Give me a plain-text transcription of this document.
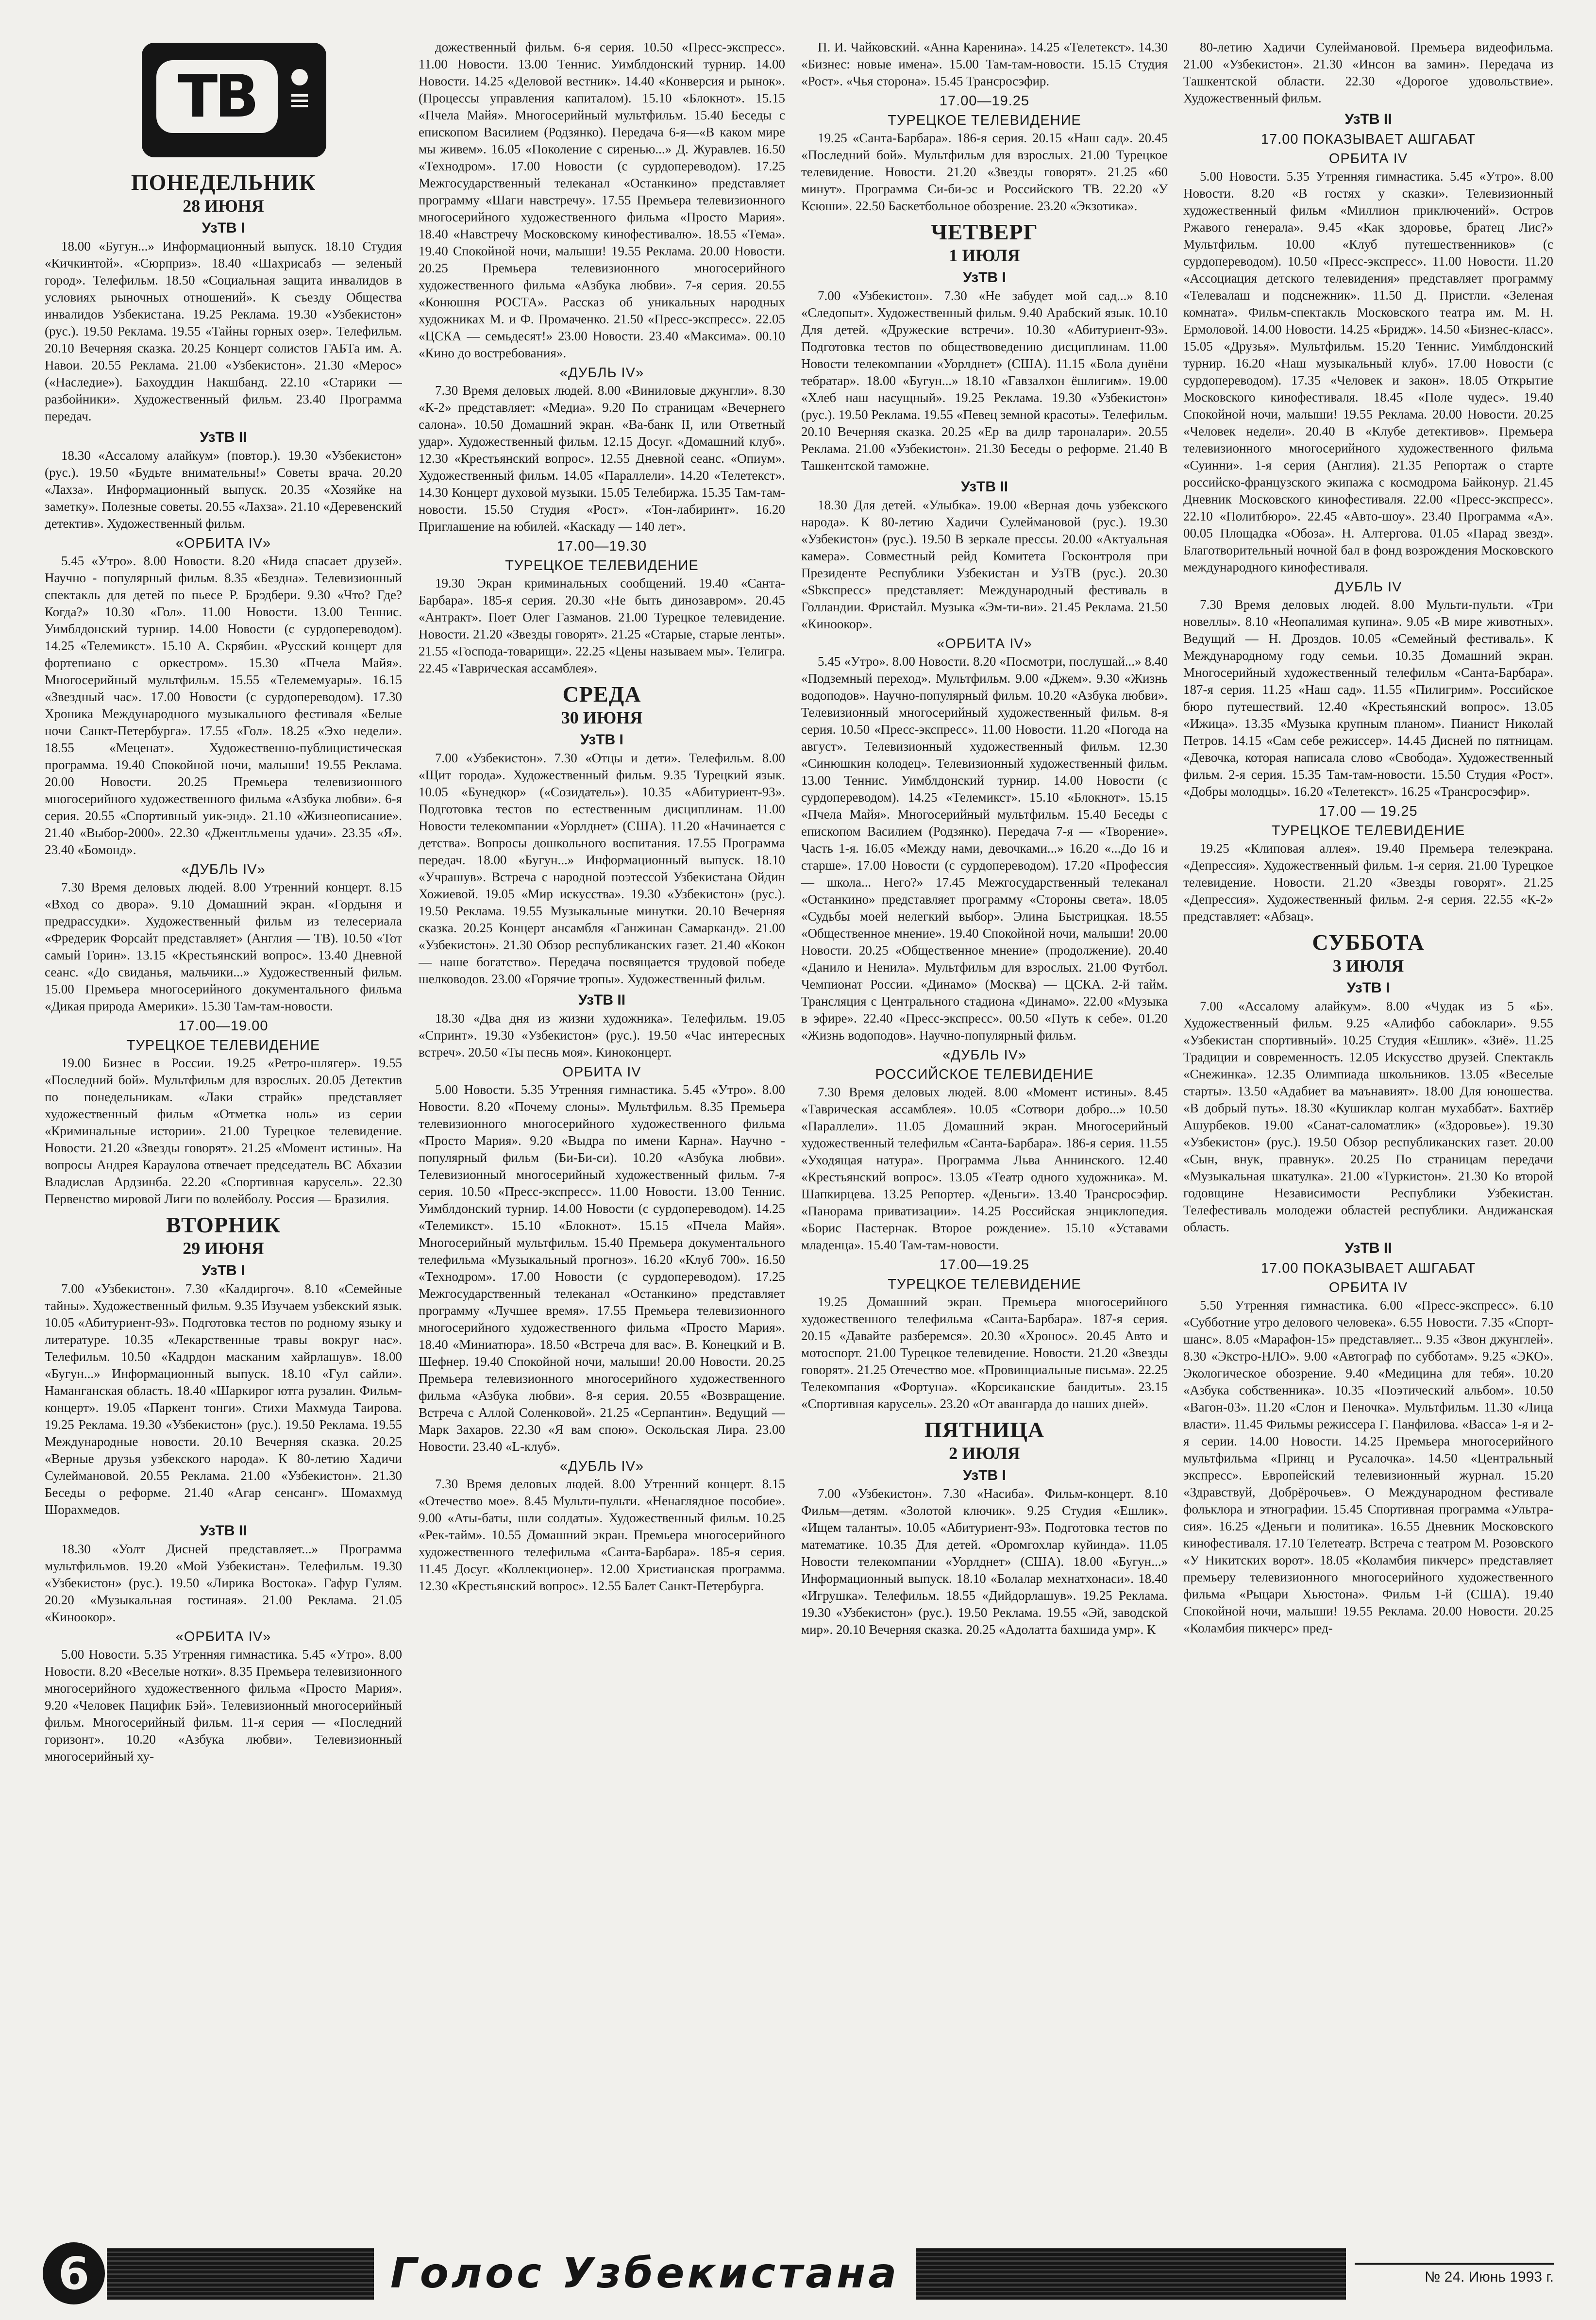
ТВ
ПОНЕДЕЛЬНИК
28 ИЮНЯ
УзТВ I
18.00 «Бугун...» Информационный выпуск. 18.10 Студия «Кичкинтой». «Сюрприз». 18.40 «Шахрисабз — зеленый город». Телефильм. 18.50 «Социальная защита инвалидов в условиях рыночных отношений». К съезду Общества инвалидов Узбекистана. 19.25 Реклама. 19.30 «Узбекистон» (рус.). 19.50 Реклама. 19.55 «Тайны горных озер». Телефильм. 20.10 Вечерняя сказка. 20.25 Концерт солистов ГАБТа им. А. Навои. 20.55 Реклама. 21.00 «Узбекистон». 21.30 «Мерос» («Наследие»). Бахоуддин Накшбанд. 22.10 «Старики — разбойники». Художественный фильм. 23.40 Программа передач.
УзТВ II
18.30 «Ассалому алайкум» (повтор.). 19.30 «Узбекистон» (рус.). 19.50 «Будьте внимательны!» Советы врача. 20.20 «Лахза». Информационный выпуск. 20.35 «Хозяйке на заметку». Полезные советы. 20.55 «Лахза». 21.10 «Деревенский детектив». Художественный фильм.
«ОРБИТА IV»
5.45 «Утро». 8.00 Новости. 8.20 «Нида спасает друзей». Научно - популярный фильм. 8.35 «Бездна». Телевизионный спектакль для детей по пьесе Р. Брэдбери. 9.30 «Что? Где? Когда?» 10.30 «Гол». 11.00 Новости. 13.00 Теннис. Уимблдонский турнир. 14.00 Новости (с сурдопереводом). 14.25 «Телемикст». 15.10 А. Скрябин. «Русский концерт для фортепиано с оркестром». 15.30 «Пчела Майя». Многосерийный мультфильм. 15.55 «Телемемуары». 16.15 «Звездный час». 17.00 Новости (с сурдопереводом). 17.30 Хроника Международного музыкального фестиваля «Белые ночи Санкт-Петербурга». 17.55 «Гол». 18.25 «Эхо недели». 18.55 «Меценат». Художественно-публицистическая программа. 19.40 Спокойной ночи, малыши! 19.55 Реклама. 20.00 Новости. 20.25 Премьера телевизионного многосерийного художественного фильма «Азбука любви». 6-я серия. 20.55 «Спортивный уик-энд». 21.10 «Жизнеописание». 21.40 «Выбор-2000». 22.30 «Джентльмены удачи». 23.35 «Я». 23.40 «Бомонд».
«ДУБЛЬ IV»
7.30 Время деловых людей. 8.00 Утренний концерт. 8.15 «Вход со двора». 9.10 Домашний экран. «Гордыня и предрассудки». Художественный фильм из телесериала «Фредерик Форсайт представляет» (Англия — ТВ). 10.50 «Тот самый Горин». 13.15 «Крестьянский вопрос». 13.40 Дневной сеанс. «До свиданья, мальчики...» Художественный фильм. 15.00 Премьера многосерийного документального фильма «Дикая природа Америки». 15.30 Там-там-новости.
17.00—19.00
ТУРЕЦКОЕ ТЕЛЕВИДЕНИЕ
19.00 Бизнес в России. 19.25 «Ретро-шлягер». 19.55 «Последний бой». Мультфильм для взрослых. 20.05 Детектив по понедельникам. «Лаки страйк» представляет художественный фильм «Отметка ноль» из серии «Криминальные истории». 21.00 Турецкое телевидение. Новости. 21.20 «Звезды говорят». 21.25 «Момент истины». На вопросы Андрея Караулова отвечает председатель ВС Абхазии Владислав Ардзинба. 22.20 «Спортивная карусель». 22.30 Первенство мировой Лиги по волейболу. Россия — Бразилия.
ВТОРНИК
29 ИЮНЯ
УзТВ I
7.00 «Узбекистон». 7.30 «Калдиргоч». 8.10 «Семейные тайны». Художественный фильм. 9.35 Изучаем узбекский язык. 10.05 «Абитуриент-93». Подготовка тестов по родному языку и литературе. 10.35 «Лекарственные травы вокруг нас». Телефильм. 10.50 «Кадрдон масканим хайрлашув». 18.00 «Бугун...» Информационный выпуск. 18.10 «Гул сайли». Наманганская область. 18.40 «Шаркирог ютга рузалин. Фильм-концерт». 19.05 «Паркент тонги». Стихи Махмуда Таирова. 19.25 Реклама. 19.30 «Узбекистон» (рус.). 19.50 Реклама. 19.55 Международные новости. 20.10 Вечерняя сказка. 20.25 «Верные друзья узбекского народа». К 80-летию Хадичи Сулеймановой. 20.55 Реклама. 21.00 «Узбекистон». 21.30 Беседы о реформе. 21.40 «Агар сенсанг». Шомахмуд Шорахмедов.
УзТВ II
18.30 «Уолт Дисней представляет...» Программа мультфильмов. 19.20 «Мой Узбекистан». Телефильм. 19.30 «Узбекистон» (рус.). 19.50 «Лирика Востока». Гафур Гулям. 20.20 «Музыкальная гостиная». 21.00 Реклама. 21.05 «Киноокор».
«ОРБИТА IV»
5.00 Новости. 5.35 Утренняя гимнастика. 5.45 «Утро». 8.00 Новости. 8.20 «Веселые нотки». 8.35 Премьера телевизионного многосерийного художественного фильма «Просто Мария». 9.20 «Человек Пацифик Бэй». Телевизионный многосерийный фильм. Многосерийный фильм. 11-я серия — «Последний горизонт». 10.20 «Азбука любви». Телевизионный многосерийный ху-
дожественный фильм. 6-я серия. 10.50 «Пресс-экспресс». 11.00 Новости. 13.00 Теннис. Уимблдонский турнир. 14.00 Новости. 14.25 «Деловой вестник». 14.40 «Конверсия и рынок». (Процессы управления капиталом). 15.10 «Блокнот». 15.15 «Пчела Майя». Многосерийный мультфильм. 15.40 Беседы с епископом Василием (Родзянко). Передача 6-я—«В каком мире мы живем». 16.05 «Поколение с сиренью...» Д. Журавлев. 16.50 «Технодром». 17.00 Новости (с сурдопереводом). 17.25 Межгосударственный телеканал «Останкино» представляет программу «Шаги навстречу». 17.55 Премьера телевизионного многосерийного художественного фильма «Просто Мария». 18.40 «Навстречу Московскому кинофестивалю». 18.55 «Тема». 19.40 Спокойной ночи, малыши! 19.55 Реклама. 20.00 Новости. 20.25 Премьера телевизионного многосерийного художественного фильма «Азбука любви». 7-я серия. 20.55 «Конюшня РОСТА». Рассказ об уникальных народных художниках М. и Ф. Промаченко. 21.50 «Пресс-экспресс». 22.05 «ЦСКА — семьдесят!» 23.00 Новости. 23.40 «Максима». 00.10 «Кино до востребования».
«ДУБЛЬ IV»
7.30 Время деловых людей. 8.00 «Виниловые джунгли». 8.30 «К-2» представляет: «Медиа». 9.20 По страницам «Вечернего салона». 10.50 Домашний экран. «Ва-банк II, или Ответный удар». Художественный фильм. 12.15 Досуг. «Домашний клуб». 12.30 «Крестьянский вопрос». 12.55 Дневной сеанс. «Опиум». Художественный фильм. 14.05 «Параллели». 14.20 «Телетекст». 14.30 Концерт духовой музыки. 15.05 Телебиржа. 15.35 Там-там-новости. 15.50 Студия «Рост». «Тон-лабиринт». 16.20 Приглашение на юбилей. «Каскаду — 140 лет».
17.00—19.30
ТУРЕЦКОЕ ТЕЛЕВИДЕНИЕ
19.30 Экран криминальных сообщений. 19.40 «Санта-Барбара». 185-я серия. 20.30 «Не быть динозавром». 20.45 «Антракт». Поет Олег Газманов. 21.00 Турецкое телевидение. Новости. 21.20 «Звезды говорят». 21.25 «Старые, старые ленты». 21.55 «Господа-товарищи». 22.25 «Цены называем мы». Телигра. 22.45 «Таврическая ассамблея».
СРЕДА
30 ИЮНЯ
УзТВ I
7.00 «Узбекистон». 7.30 «Отцы и дети». Телефильм. 8.00 «Щит города». Художественный фильм. 9.35 Турецкий язык. 10.05 «Бунедкор» («Созидатель»). 10.35 «Абитуриент-93». Подготовка тестов по естественным дисциплинам. 11.00 Новости телекомпании «Уорлднет» (США). 11.20 «Начинается с детства». Вопросы дошкольного воспитания. 17.55 Программа передач. 18.00 «Бугун...» Информационный выпуск. 18.10 «Учрашув». Встреча с народной поэтессой Узбекистана Ойдин Хожиевой. 19.05 «Мир искусства». 19.30 «Узбекистон» (рус.). 19.50 Реклама. 19.55 Музыкальные минутки. 20.10 Вечерняя сказка. 20.25 Концерт ансамбля «Ганжинан Самарканд». 21.00 «Узбекистон». 21.30 Обзор республиканских газет. 21.40 «Кокон — наше богатство». Передача посвящается трудовой победе шелководов. 23.00 «Горячие тропы». Художественный фильм.
УзТВ II
18.30 «Два дня из жизни художника». Телефильм. 19.05 «Спринт». 19.30 «Узбекистон» (рус.). 19.50 «Час интересных встреч». 20.50 «Ты песнь моя». Киноконцерт.
ОРБИТА IV
5.00 Новости. 5.35 Утренняя гимнастика. 5.45 «Утро». 8.00 Новости. 8.20 «Почему слоны». Мультфильм. 8.35 Премьера телевизионного многосерийного художественного фильма «Просто Мария». 9.20 «Выдра по имени Карна». Научно - популярный фильм (Би-Би-си). 10.20 «Азбука любви». Телевизионный многосерийный художественный фильм. 7-я серия. 10.50 «Пресс-экспресс». 11.00 Новости. 13.00 Теннис. Уимблдонский турнир. 14.00 Новости (с сурдопереводом). 14.25 «Телемикст». 15.10 «Блокнот». 15.15 «Пчела Майя». Многосерийный мультфильм. 15.40 Премьера документального телефильма «Музыкальный прогноз». 16.20 «Клуб 700». 16.50 «Технодром». 17.00 Новости (с сурдопереводом). 17.25 Межгосударственный телеканал «Останкино» представляет программу «Лучшее время». 17.55 Премьера телевизионного многосерийного художественного фильма «Просто Мария». 18.40 «Миниатюра». 18.50 «Встреча для вас». В. Конецкий и В. Шефнер. 19.40 Спокойной ночи, малыши! 20.00 Новости. 20.25 Премьера телевизионного многосерийного художественного фильма «Азбука любви». 8-я серия. 20.55 «Возвращение. Встреча с Аллой Соленковой». 21.25 «Серпантин». Ведущий — Марк Захаров. 22.30 «Я вам спою». Оскольская Лира. 23.00 Новости. 23.40 «L-клуб».
«ДУБЛЬ IV»
7.30 Время деловых людей. 8.00 Утренний концерт. 8.15 «Отечество мое». 8.45 Мульти-пульти. «Ненаглядное пособие». 9.00 «Аты-баты, шли солдаты». Художественный фильм. 10.25 «Рек-тайм». 10.55 Домашний экран. Премьера многосерийного художественного телефильма «Санта-Барбара». 185-я серия. 11.45 Досуг. «Коллекционер». 12.00 Христианская программа. 12.30 «Крестьянский вопрос». 12.55 Балет Санкт-Петербурга.
П. И. Чайковский. «Анна Каренина». 14.25 «Телетекст». 14.30 «Бизнес: новые имена». 15.00 Там-там-новости. 15.15 Студия «Рост». «Чья сторона». 15.45 Трансросэфир.
17.00—19.25
ТУРЕЦКОЕ ТЕЛЕВИДЕНИЕ
19.25 «Санта-Барбара». 186-я серия. 20.15 «Наш сад». 20.45 «Последний бой». Мультфильм для взрослых. 21.00 Турецкое телевидение. Новости. 21.20 «Звезды говорят». 21.25 «60 минут». Программа Си-би-эс и Российского ТВ. 22.20 «У Ксюши». 22.50 Баскетбольное обозрение. 23.20 «Экзотика».
ЧЕТВЕРГ
1 ИЮЛЯ
УзТВ I
7.00 «Узбекистон». 7.30 «Не забудет мой сад...» 8.10 «Следопыт». Художественный фильм. 9.40 Арабский язык. 10.10 Для детей. «Дружеские встречи». 10.30 «Абитуриент-93». Подготовка тестов по обществоведению дисциплинам. 11.00 Новости телекомпании «Уорлднет» (США). 11.15 «Бола дунёни тебратар». 18.00 «Бугун...» 18.10 «Гавзалхон ёшлигим». 19.00 «Хлеб наш насущный». 19.25 Реклама. 19.30 «Узбекистон» (рус.). 19.50 Реклама. 19.55 «Певец земной красоты». Телефильм. 20.10 Вечерняя сказка. 20.25 «Ер ва дилр тароналари». 20.55 Реклама. 21.00 «Узбекистон». 21.30 Беседы о реформе. 21.40 В Ташкентской таможне.
УзТВ II
18.30 Для детей. «Улыбка». 19.00 «Верная дочь узбекского народа». К 80-летию Хадичи Сулеймановой (рус.). 19.30 «Узбекистон» (рус.). 19.50 В зеркале прессы. 20.00 «Актуальная камера». Совместный рейд Комитета Госконтроля при Президенте Республики Узбекистан и УзТВ (рус.). 20.30 «Sbкспресс» представляет: Международный фестиваль в Голландии. Фристайл. Музыка «Эм-ти-ви». 21.45 Реклама. 21.50 «Киноокор».
«ОРБИТА IV»
5.45 «Утро». 8.00 Новости. 8.20 «Посмотри, послушай...» 8.40 «Подземный переход». Мультфильм. 9.00 «Джем». 9.30 «Жизнь водоподов». Научно-популярный фильм. 10.20 «Азбука любви». Телевизионный многосерийный художественный фильм. 8-я серия. 10.50 «Пресс-экспресс». 11.00 Новости. 11.20 «Погода на август». Телевизионный художественный фильм. 12.30 «Синюшкин колодец». Телевизионный художественный фильм. 13.00 Теннис. Уимблдонский турнир. 14.00 Новости (с сурдопереводом). 14.25 «Телемикст». 15.10 «Блокнот». 15.15 «Пчела Майя». Многосерийный мультфильм. 15.40 Беседы с епископом Василием (Родзянко). Передача 7-я — «Творение». Часть 1-я. 16.05 «Между нами, девочками...» 16.20 «...До 16 и старше». 17.00 Новости (с сурдопереводом). 17.20 «Профессия — школа... Него?» 17.45 Межгосударственный телеканал «Останкино» представляет программу «Стороны света». 18.05 «Судьбы моей нелегкий выбор». Элина Быстрицкая. 18.55 «Общественное мнение». 19.40 Спокойной ночи, малыши! 20.00 Новости. 20.25 «Общественное мнение» (продолжение). 20.40 «Данило и Ненила». Мультфильм для взрослых. 21.00 Футбол. Чемпионат России. «Динамо» (Москва) — ЦСКА. 2-й тайм. Трансляция с Центрального стадиона «Динамо». 22.00 «Музыка в эфире». 22.40 «Пресс-экспресс». 00.50 «Путь к себе». 01.20 «Жизнь водоподов». Научно-популярный фильм.
«ДУБЛЬ IV»
РОССИЙСКОЕ ТЕЛЕВИДЕНИЕ
7.30 Время деловых людей. 8.00 «Момент истины». 8.45 «Таврическая ассамблея». 10.05 «Сотвори добро...» 10.50 «Параллели». 11.05 Домашний экран. Многосерийный художественный телефильм «Санта-Барбара». 186-я серия. 11.55 «Уходящая натура». Программа Льва Аннинского. 12.40 «Крестьянский вопрос». 13.05 «Театр одного художника». М. Шапкирцева. 13.25 Репортер. «Деньги». 13.40 Трансросэфир. «Панорама приватизации». 14.25 Российская энциклопедия. «Борис Пастернак. Второе рождение». 15.10 «Уставами младенца». 15.40 Там-там-новости.
17.00—19.25
ТУРЕЦКОЕ ТЕЛЕВИДЕНИЕ
19.25 Домашний экран. Премьера многосерийного художественного телефильма «Санта-Барбара». 187-я серия. 20.15 «Давайте разберемся». 20.30 «Хронос». 20.45 Авто и мотоспорт. 21.00 Турецкое телевидение. Новости. 21.20 «Звезды говорят». 21.25 Отечество мое. «Провинциальные письма». 22.25 Телекомпания «Фортуна». «Корсиканские бандиты». 23.15 «Спортивная карусель». 23.20 «От авангарда до наших дней».
ПЯТНИЦА
2 ИЮЛЯ
УзТВ I
7.00 «Узбекистон». 7.30 «Насиба». Фильм-концерт. 8.10 Фильм—детям. «Золотой ключик». 9.25 Студия «Ешлик». «Ищем таланты». 10.05 «Абитуриент-93». Подготовка тестов по математике. 10.35 Для детей. «Оромгохлар куйинда». 11.05 Новости телекомпании «Уорлднет» (США). 18.00 «Бугун...» Информационный выпуск. 18.10 «Болалар мехнатхонаси». 18.40 «Игрушка». Телефильм. 18.55 «Дийдорлашув». 19.25 Реклама. 19.30 «Узбекистон» (рус.). 19.50 Реклама. 19.55 «Эй, заводской мир». 20.10 Вечерняя сказка. 20.25 «Адолатта бахшида умр». К
80-летию Хадичи Сулеймановой. Премьера видеофильма. 21.00 «Узбекистон». 21.30 «Инсон ва замин». Передача из Ташкентской области. 22.30 «Дорогое удовольствие». Художественный фильм.
УзТВ II
17.00 ПОКАЗЫВАЕТ АШГАБАТ
ОРБИТА IV
5.00 Новости. 5.35 Утренняя гимнастика. 5.45 «Утро». 8.00 Новости. 8.20 «В гостях у сказки». Телевизионный художественный фильм «Миллион приключений». Остров Ржавого генерала». 9.45 «Как здоровье, братец Лис?» Мультфильм. 10.00 «Клуб путешественников» (с сурдопереводом). 10.50 «Пресс-экспресс». 11.00 Новости. 11.20 «Ассоциация детского телевидения» представляет программу «Телевалаш и подснежник». 11.50 Д. Пристли. «Зеленая комната». Фильм-спектакль Московского театра им. М. Н. Ермоловой. 14.00 Новости. 14.25 «Бридж». 14.50 «Бизнес-класс». 15.05 «Друзья». Мультфильм. 15.20 Теннис. Уимблдонский турнир. 16.20 «Наш музыкальный клуб». 17.00 Новости (с сурдопереводом). 17.35 «Человек и закон». 18.05 Открытие Московского кинофестиваля. 18.45 «Поле чудес». 19.40 Спокойной ночи, малыши! 19.55 Реклама. 20.00 Новости. 20.25 «Человек недели». 20.40 В «Клубе детективов». Премьера телевизионного многосерийного художественного фильма «Суинни». 1-я серия (Англия). 21.35 Репортаж о старте российско-французского экипажа с космодрома Байконур. 21.45 Дневник Московского кинофестиваля. 22.00 «Пресс-экспресс». 22.10 «Политбюро». 22.45 «Авто-шоу». 23.40 Программа «А». 00.05 Площадка «Обоза». Н. Алтергова. 01.05 «Парад звезд». Благотворительный ночной бал в фонд возрождения Московского международного кинофестиваля.
ДУБЛЬ IV
7.30 Время деловых людей. 8.00 Мульти-пульти. «Три новеллы». 8.10 «Неопалимая купина». 9.05 «В мире животных». Ведущий — Н. Дроздов. 10.05 «Семейный фестиваль». К Международному году семьи. 10.35 Домашний экран. Многосерийный художественный телефильм «Санта-Барбара». 187-я серия. 11.25 «Наш сад». 11.55 «Пилигрим». Российское бюро путешествий. 12.40 «Крестьянский вопрос». 13.05 «Ижица». 13.35 «Музыка крупным планом». Пианист Николай Петров. 14.15 «Сам себе режиссер». 14.45 Дисней по пятницам. «Девочка, которая написала слово «Свобода». Художественный фильм. 2-я серия. 15.35 Там-там-новости. 15.50 Студия «Рост». «Добры молодцы». 16.20 «Телетекст». 16.25 «Трансросэфир».
17.00 — 19.25
ТУРЕЦКОЕ ТЕЛЕВИДЕНИЕ
19.25 «Клиповая аллея». 19.40 Премьера телеэкрана. «Депрессия». Художественный фильм. 1-я серия. 21.00 Турецкое телевидение. Новости. 21.20 «Звезды говорят». 21.25 «Депрессия». Художественный фильм. 2-я серия. 22.55 «К-2» представляет: «Абзац».
СУББОТА
3 ИЮЛЯ
УзТВ I
7.00 «Ассалому алайкум». 8.00 «Чудак из 5 «Б». Художественный фильм. 9.25 «Алифбо сабоклари». 9.55 «Узбекистан спортивный». 10.25 Студия «Ешлик». «Зиё». 11.25 Традиции и современность. 12.05 Искусство друзей. Спектакль «Снежинка». 12.35 Олимпиада школьников. 13.05 «Веселые старты». 13.50 «Адабиет ва маънавият». 18.00 Для юношества. «В добрый путь». 18.30 «Кушиклар колган мухаббат». Бахтиёр Ашурбеков. 19.00 «Санат-саломатлик» («Здоровье»). 19.30 «Узбекистон» (рус.). 19.50 Обзор республиканских газет. 20.00 «Сын, внук, правнук». 20.25 По страницам передачи «Музыкальная шкатулка». 21.00 «Туркистон». 21.30 Ко второй годовщине Независимости Республики Узбекистан. Телефестиваль молодежи областей республики. Андижанская область.
УзТВ II
17.00 ПОКАЗЫВАЕТ АШГАБАТ
ОРБИТА IV
5.50 Утренняя гимнастика. 6.00 «Пресс-экспресс». 6.10 «Субботние утро делового человека». 6.55 Новости. 7.35 «Спорт-шанс». 8.05 «Марафон-15» представляет... 9.35 «Звон джунглей». 8.30 «Экстро-НЛО». 9.00 «Автограф по субботам». 9.25 «ЭКО». Экологическое обозрение. 9.40 «Медицина для тебя». 10.20 «Азбука собственника». 10.35 «Поэтический альбом». 10.50 «Вагон-03». 11.20 «Слон и Пеночка». Мультфильм. 11.30 «Лица власти». 11.45 Фильмы режиссера Г. Панфилова. «Васса» 1-я и 2-я серии. 14.00 Новости. 14.25 Премьера многосерийного мультфильма «Принц и Русалочка». 14.50 «Центральный экспресс». Европейский телевизионный журнал. 15.20 «Здравствуй, Добрёрочьев». О Международном фестивале фольклора и этнографии. 15.45 Спортивная программа «Ультра-сия». 16.25 «Деньги и политика». 16.55 Дневник Московского кинофестиваля. 17.10 Телетеатр. Встреча с театром М. Розовского «У Никитских ворот». 18.05 «Коламбия пикчерс» представляет премьеру телевизионного многосерийного художественного фильма «Рыцари Хьюстона». Фильм 1-й (США). 19.40 Спокойной ночи, малыши! 19.55 Реклама. 20.00 Новости. 20.25 «Коламбия пикчерс» пред-
6	Голос Узбекистана	№ 24. Июнь 1993 г.
